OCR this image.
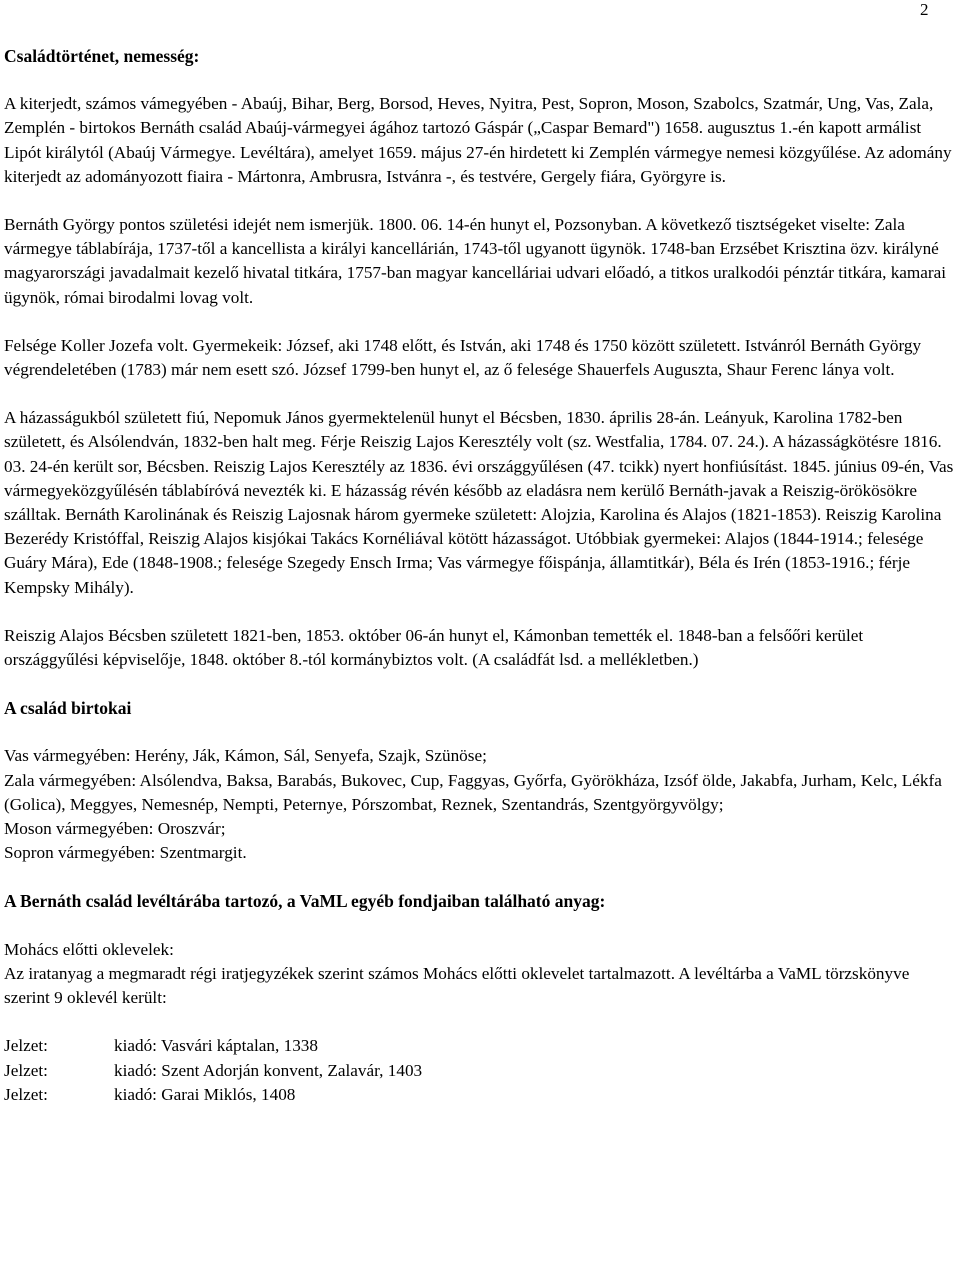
2
Családtörténet, nemesség:

A kiterjedt, számos vámegyében - Abaúj, Bihar, Berg, Borsod, Heves, Nyitra, Pest, Sopron, Moson, Szabolcs, Szatmár, Ung, Vas, Zala, Zemplén - birtokos Bernáth család Abaúj-vármegyei ágához tartozó Gáspár („Caspar Bemard") 1658. augusztus 1.-én kapott armálist Lipót királytól (Abaúj Vármegye. Levéltára), amelyet 1659. május 27-én hirdetett ki Zemplén vármegye nemesi közgyűlése. Az adomány kiterjedt az adományozott fiaira - Mártonra, Ambrusra, Istvánra -, és testvére, Gergely fiára, Györgyre is.

Bernáth György pontos születési idejét nem ismerjük. 1800. 06. 14-én hunyt el, Pozsonyban. A következő tisztségeket viselte: Zala vármegye táblabírája, 1737-től a kancellista a királyi kancellárián, 1743-től ugyanott ügynök. 1748-ban Erzsébet Krisztina özv. királyné magyarországi javadalmait kezelő hivatal titkára, 1757-ban magyar kancelláriai udvari előadó, a titkos uralkodói pénztár titkára, kamarai ügynök, római birodalmi lovag volt.

Felsége Koller Jozefa volt. Gyermekeik: József, aki 1748 előtt, és István, aki 1748 és 1750 között született. Istvánról Bernáth György végrendeletében (1783) már nem esett szó. József 1799-ben hunyt el, az ő felesége Shauerfels Auguszta, Shaur Ferenc lánya volt.

A házasságukból született fiú, Nepomuk János gyermektelenül hunyt el Bécsben, 1830. április 28-án. Leányuk, Karolina 1782-ben született, és Alsólendván, 1832-ben halt meg. Férje Reiszig Lajos Keresztély volt (sz. Westfalia, 1784. 07. 24.). A házasságkötésre 1816. 03. 24-én került sor, Bécsben. Reiszig Lajos Keresztély az 1836. évi országgyűlésen (47. tcikk) nyert honfiúsítást. 1845. június 09-én, Vas vármegyeközgyűlésén táblabíróvá nevezték ki. E házasság révén később az eladásra nem kerülő Bernáth-javak a Reiszig-örökösökre szálltak. Bernáth Karolinának és Reiszig Lajosnak három gyermeke született: Alojzia, Karolina és Alajos (1821-1853). Reiszig Karolina Bezerédy Kristóffal, Reiszig Alajos kisjókai Takács Kornéliával kötött házasságot. Utóbbiak gyermekei: Alajos (1844-1914.; felesége Guáry Mára), Ede (1848-1908.; felesége Szegedy Ensch Irma; Vas vármegye főispánja, államtitkár), Béla és Irén (1853-1916.; férje Kempsky Mihály).

Reiszig Alajos Bécsben született 1821-ben, 1853. október 06-án hunyt el, Kámonban temették el. 1848-ban a felsőőri kerület országgyűlési képviselője, 1848. október 8.-tól kormánybiztos volt. (A családfát lsd. a mellékletben.)

A család birtokai

Vas vármegyében: Herény, Ják, Kámon, Sál, Senyefa, Szajk, Szünöse;

Zala vármegyében: Alsólendva, Baksa, Barabás, Bukovec, Cup, Faggyas, Győrfa, Györökháza, Izsóf ölde, Jakabfa, Jurham, Kelc, Lékfa (Golica), Meggyes, Nemesnép, Nempti, Peternye, Pórszombat, Reznek, Szentandrás, Szentgyörgyvölgy;

Moson vármegyében: Oroszvár;

Sopron vármegyében: Szentmargit.

A Bernáth család levéltárába tartozó, a VaML egyéb fondjaiban található anyag:

Mohács előtti oklevelek:

Az iratanyag a megmaradt régi iratjegyzékek szerint számos Mohács előtti oklevelet tartalmazott. A levéltárba a VaML törzskönyve szerint 9 oklevél került:

Jelzet:	kiadó: Vasvári káptalan, 1338
Jelzet:	kiadó: Szent Adorján konvent, Zalavár, 1403
Jelzet:	kiadó: Garai Miklós, 1408
